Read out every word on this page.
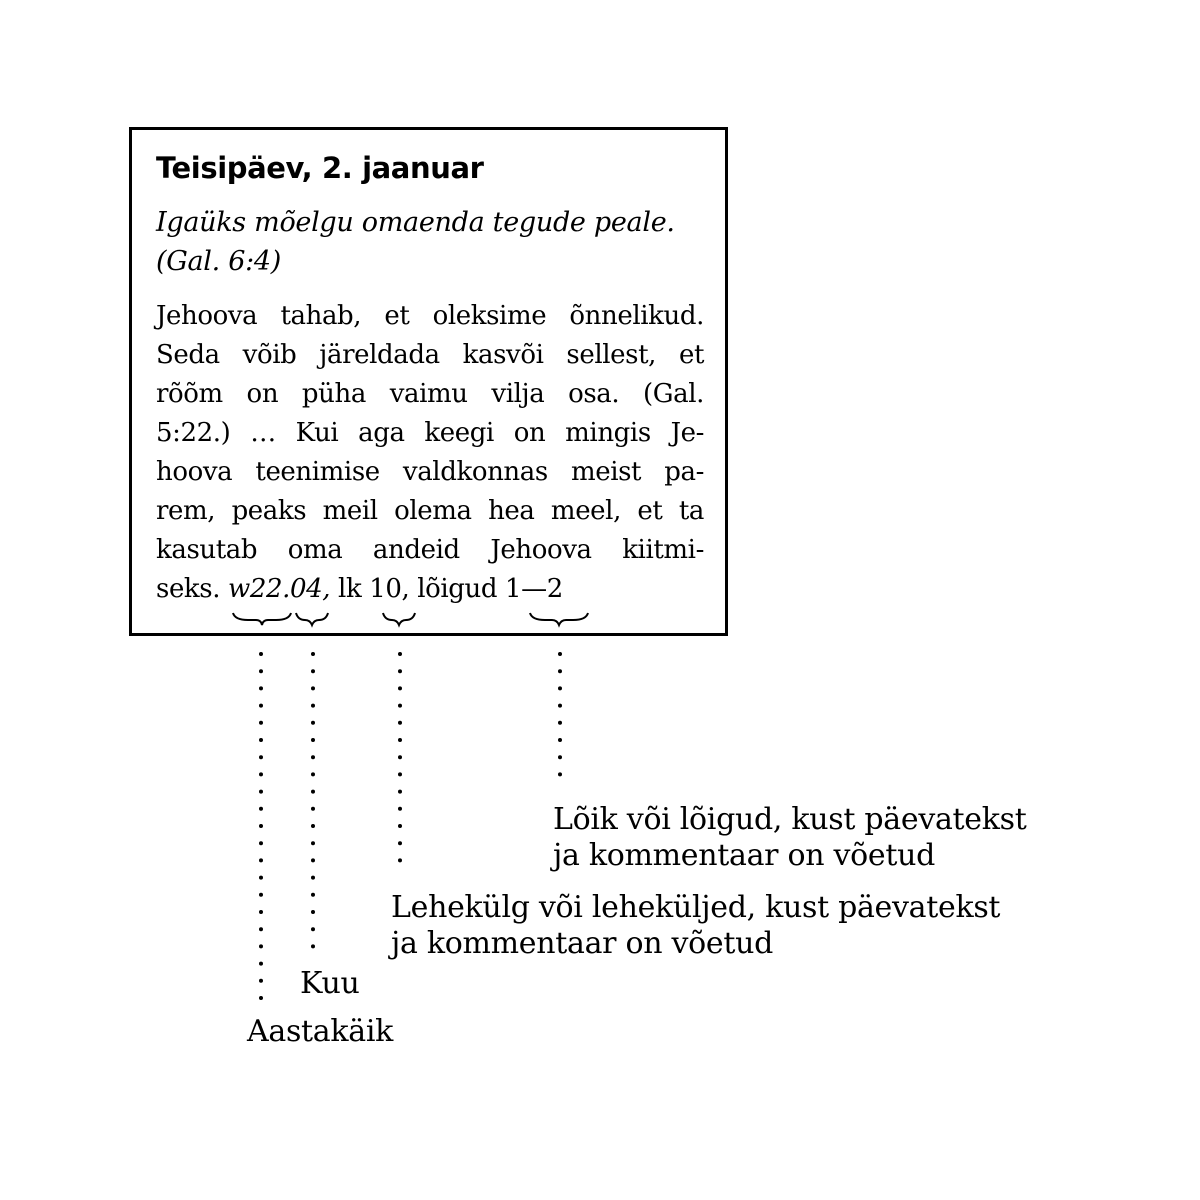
Teisipäev, 2. jaanuar

Igaüks mõelgu omaenda tegude peale.
(Gal. 6:4)

Jehoova tahab, et oleksime õnnelikud.
Seda võib järeldada kasvõi sellest, et
rõõm on püha vaimu vilja osa. (Gal.
5:22.) … Kui aga keegi on mingis Je-
hoova teenimise valdkonnas meist pa-
rem, peaks meil olema hea meel, et ta
kasutab oma andeid Jehoova kiitmi-
seks. w22.04, lk 10, lõigud 1—2

Lõik või lõigud, kust päevatekst
ja kommentaar on võetud

Lehekülg või leheküljed, kust päevatekst
ja kommentaar on võetud

Kuu

Aastakäik
